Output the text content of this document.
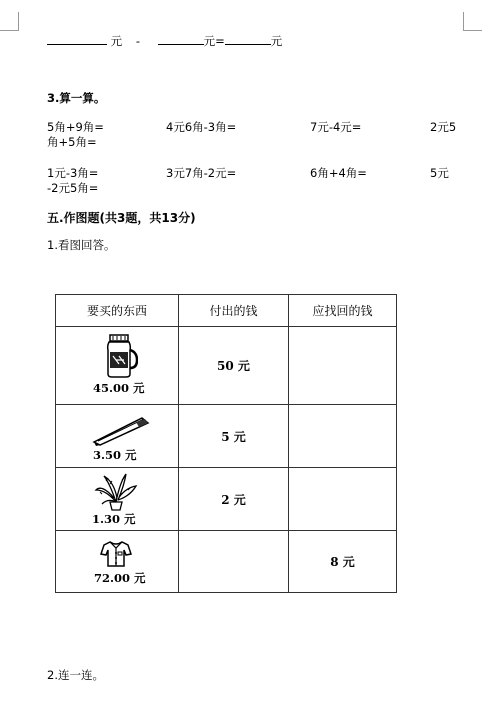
元 -	元=	元
3.算一算。
5角+9角=	4元6角-3角=	7元-4元=	2元5
角+5角=
1元-3角=	3元7角-2元=	6角+4角=	5元
-2元5角=
五.作图题(共3题，共13分)
1.看图回答。
要买的东西	付出的钱	应找回的钱

45.00 元	50 元	

3.50 元	5 元	

1.30 元	2 元	

72.00 元		8 元
2.连一连。
